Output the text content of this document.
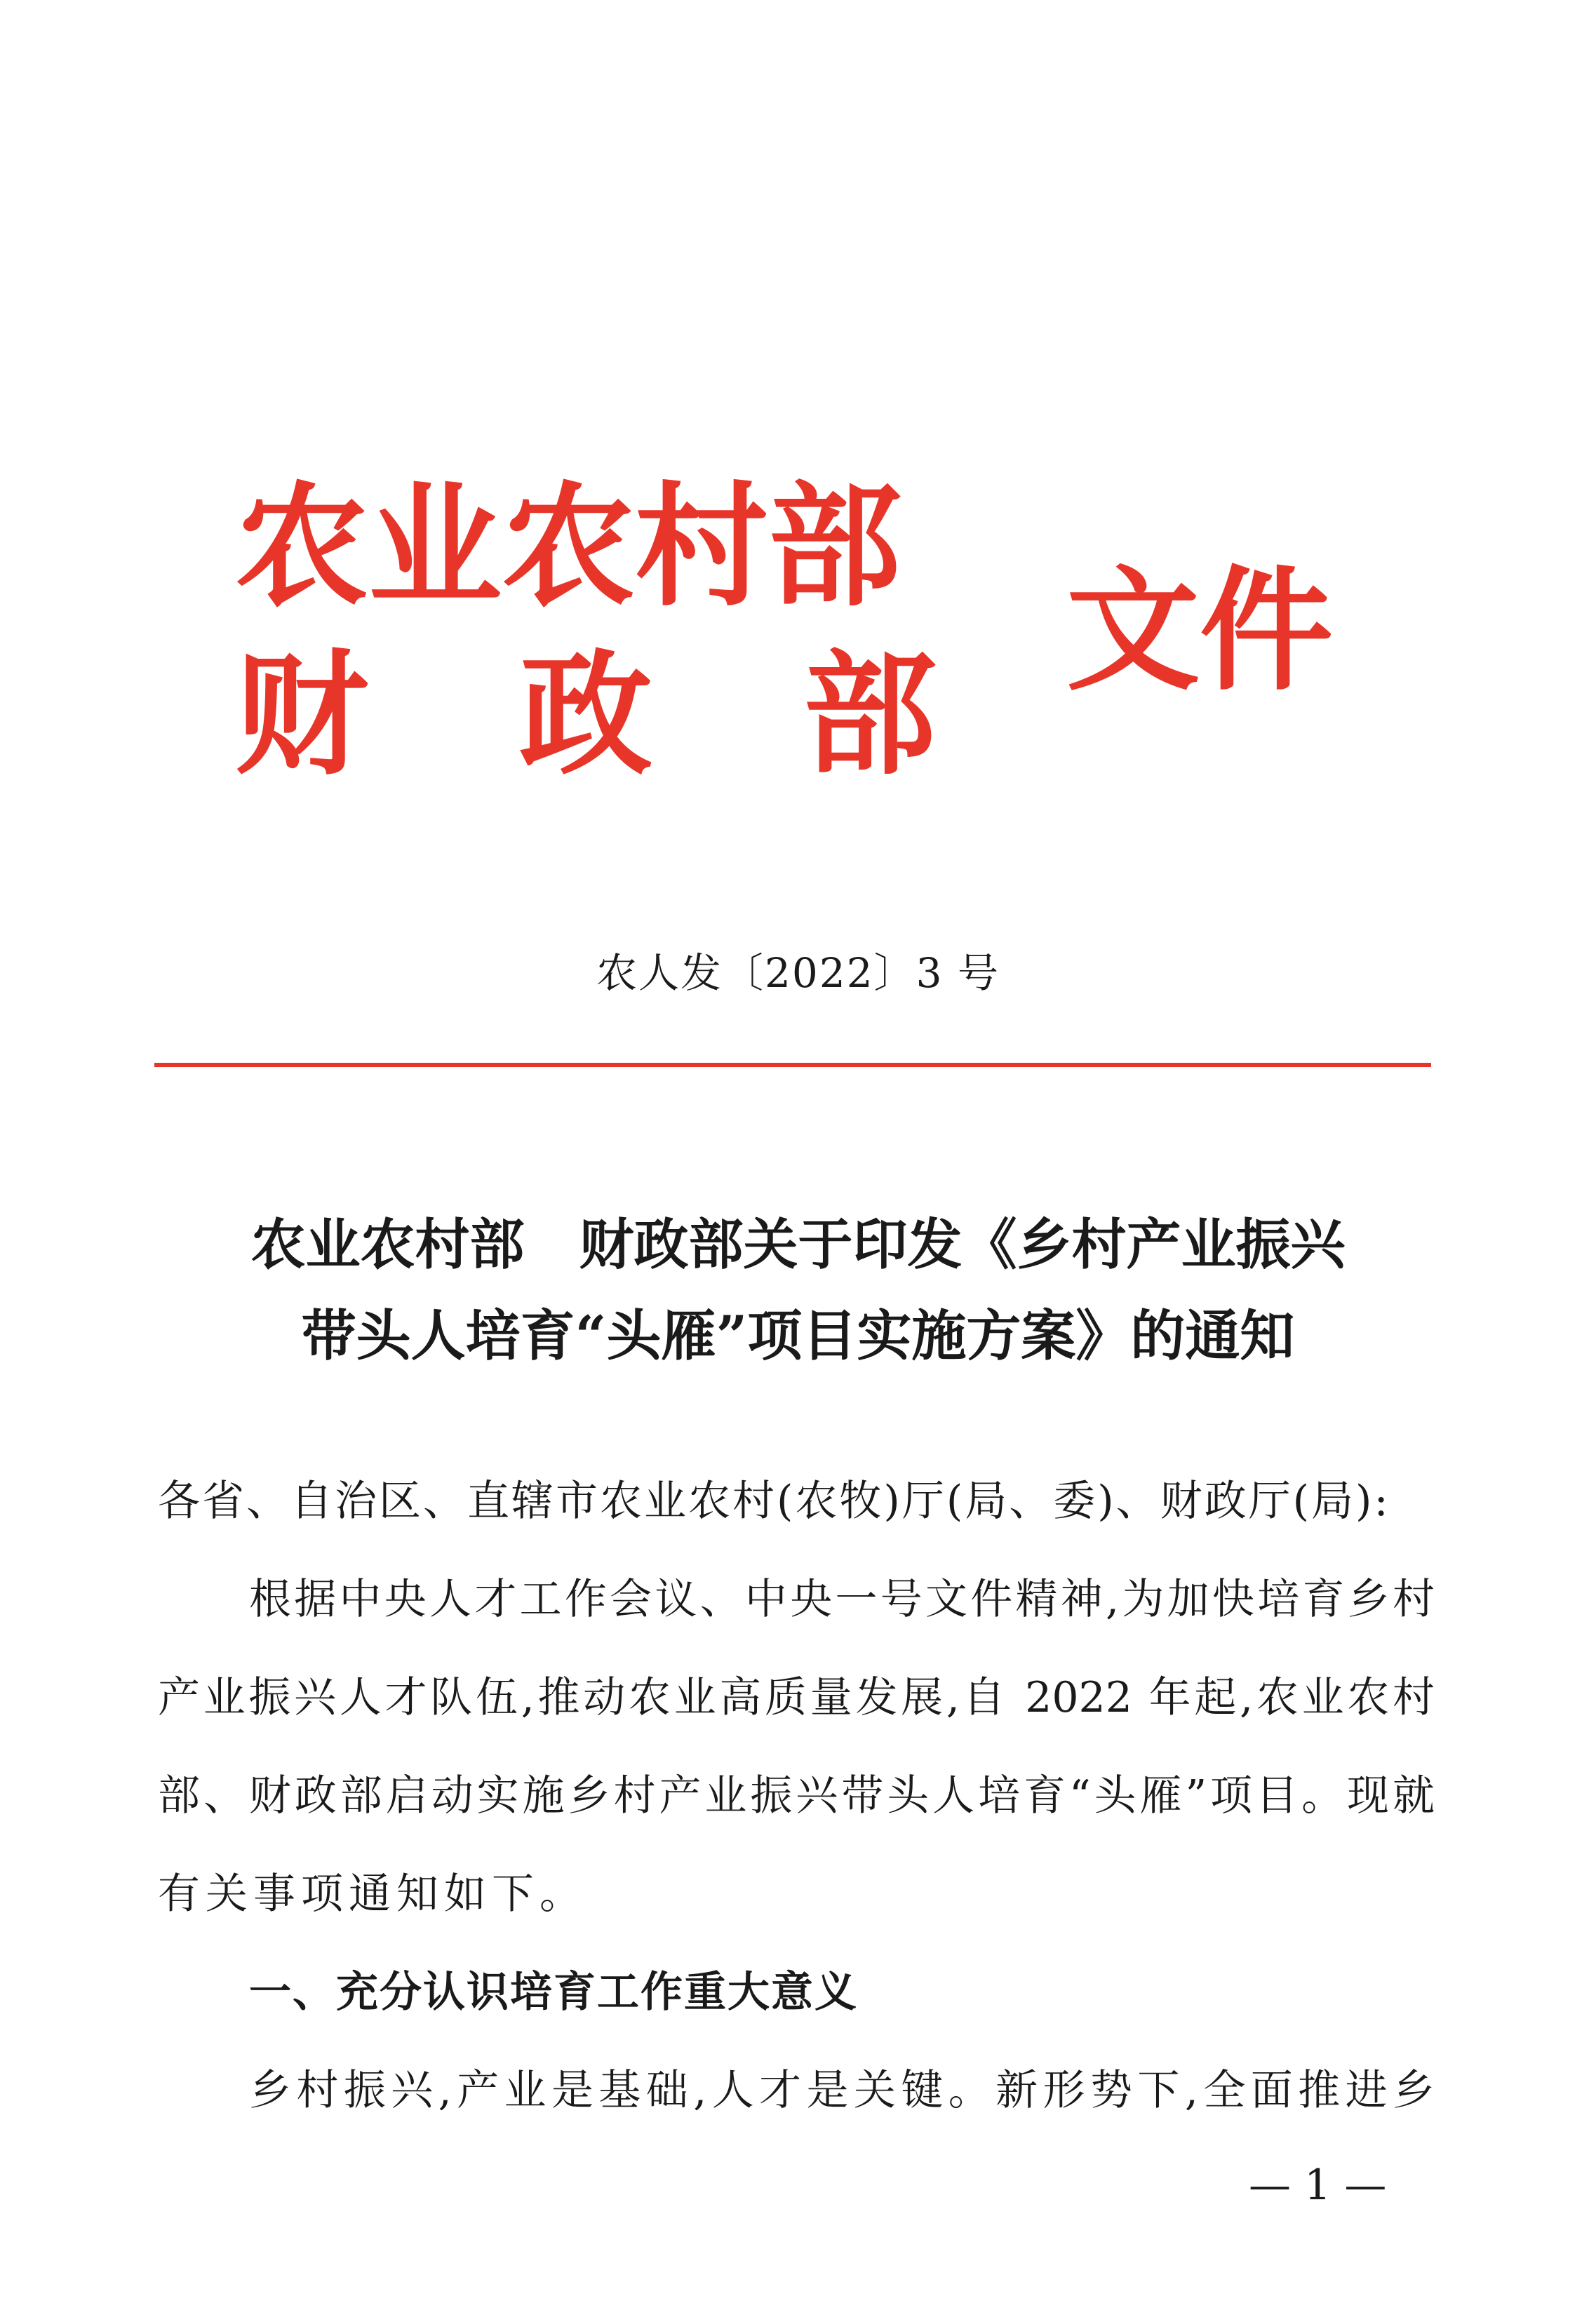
农业农村部
财 政 部
文件
农人发〔2022〕3 号
农业农村部　财政部关于印发《乡村产业振兴
带头人培育“头雁”项目实施方案》的通知
各省、自治区、直辖市农业农村(农牧)厅(局、委)、财政厅(局):
根据中央人才工作会议、中央一号文件精神,为加快培育乡村
产业振兴人才队伍,推动农业高质量发展,自 2022 年起,农业农村
部、财政部启动实施乡村产业振兴带头人培育“头雁”项目。现就
有关事项通知如下。
一、充分认识培育工作重大意义
乡村振兴,产业是基础,人才是关键。新形势下,全面推进乡
— 1 —
